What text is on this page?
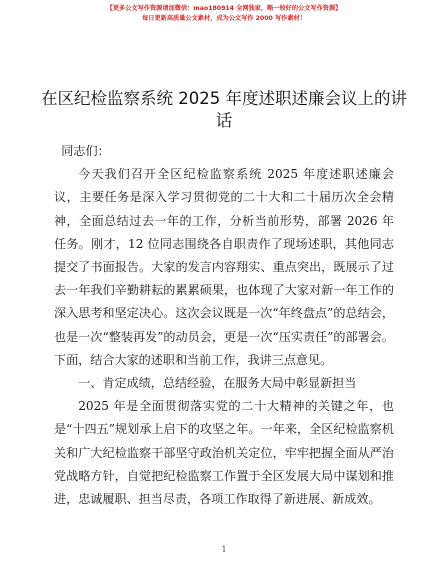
【更多公文写作资源请加微信：mao180914 全网独家，略一较好的公文写作资源】
每日更新高质量公文素材，成为公文写作 2000 写作素材！
在区纪检监察系统 2025 年度述职述廉会议上的讲话

同志们：

今天我们召开全区纪检监察系统 2025 年度述职述廉会议，主要任务是深入学习贯彻党的二十大和二十届历次全会精神，全面总结过去一年的工作，分析当前形势，部署 2026 年任务。刚才，12 位同志围绕各自职责作了现场述职，其他同志提交了书面报告。大家的发言内容翔实、重点突出，既展示了过去一年我们辛勤耕耘的累累硕果，也体现了大家对新一年工作的深入思考和坚定决心。这次会议既是一次“年终盘点”的总结会，也是一次“整装再发”的动员会，更是一次“压实责任”的部署会。下面，结合大家的述职和当前工作，我讲三点意见。

一、肯定成绩，总结经验，在服务大局中彰显新担当

2025 年是全面贯彻落实党的二十大精神的关键之年，也是“十四五”规划承上启下的攻坚之年。一年来，全区纪检监察机关和广大纪检监察干部坚守政治机关定位，牢牢把握全面从严治党战略方针，自觉把纪检监察工作置于全区发展大局中谋划和推进，忠诚履职、担当尽责，各项工作取得了新进展、新成效。

1
